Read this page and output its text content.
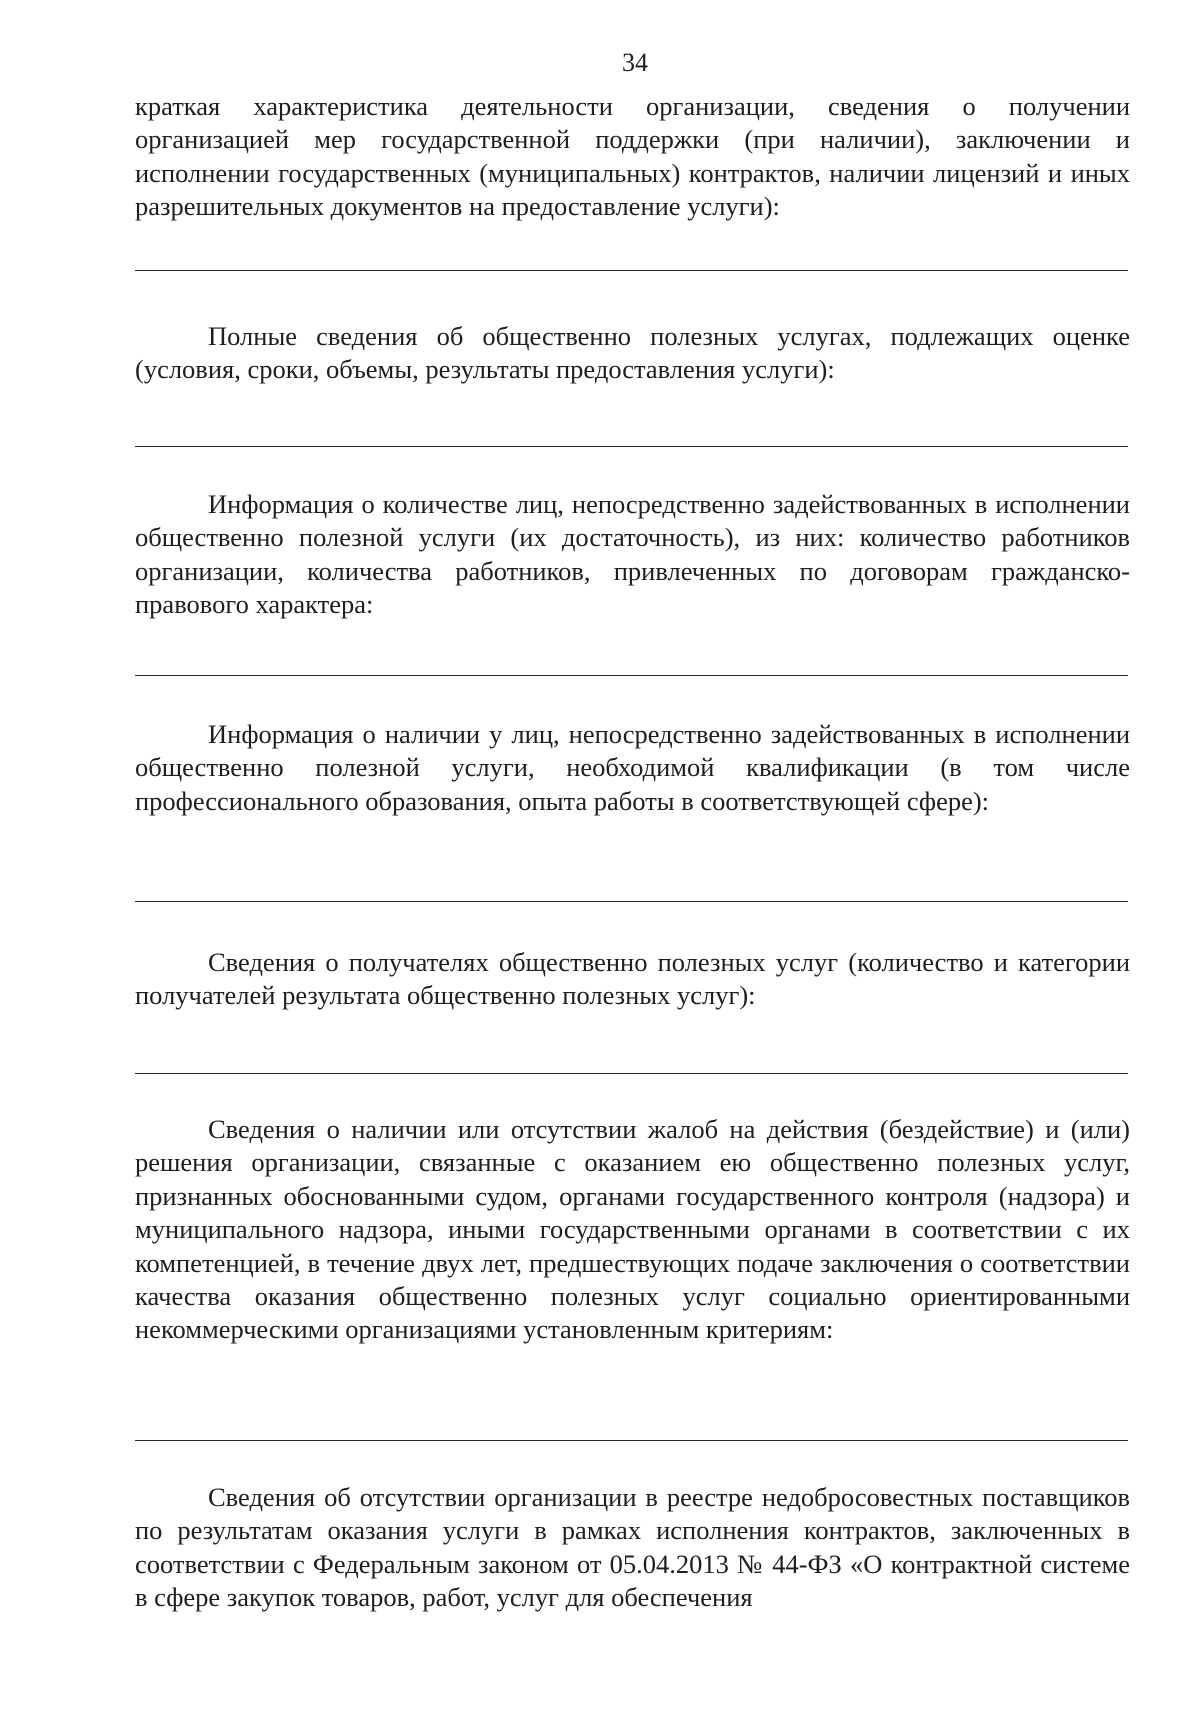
34

краткая характеристика деятельности организации, сведения о получении организацией мер государственной поддержки (при наличии), заключении и исполнении государственных (муниципальных) контрактов, наличии лицензий и иных разрешительных документов на предоставление услуги):

Полные сведения об общественно полезных услугах, подлежащих оценке (условия, сроки, объемы, результаты предоставления услуги):

Информация о количестве лиц, непосредственно задействованных в исполнении общественно полезной услуги (их достаточность), из них: количество работников организации, количества работников, привлеченных по договорам гражданско-правового характера:

Информация о наличии у лиц, непосредственно задействованных в исполнении общественно полезной услуги, необходимой квалификации (в том числе профессионального образования, опыта работы в соответствующей сфере):

Сведения о получателях общественно полезных услуг (количество и категории получателей результата общественно полезных услуг):

Сведения о наличии или отсутствии жалоб на действия (бездействие) и (или) решения организации, связанные с оказанием ею общественно полезных услуг, признанных обоснованными судом, органами государственного контроля (надзора) и муниципального надзора, иными государственными органами в соответствии с их компетенцией, в течение двух лет, предшествующих подаче заключения о соответствии качества оказания общественно полезных услуг социально ориентированными некоммерческими организациями установленным критериям:

Сведения об отсутствии организации в реестре недобросовестных поставщиков по результатам оказания услуги в рамках исполнения контрактов, заключенных в соответствии с Федеральным законом от 05.04.2013 № 44-ФЗ «О контрактной системе в сфере закупок товаров, работ, услуг для обеспечения
